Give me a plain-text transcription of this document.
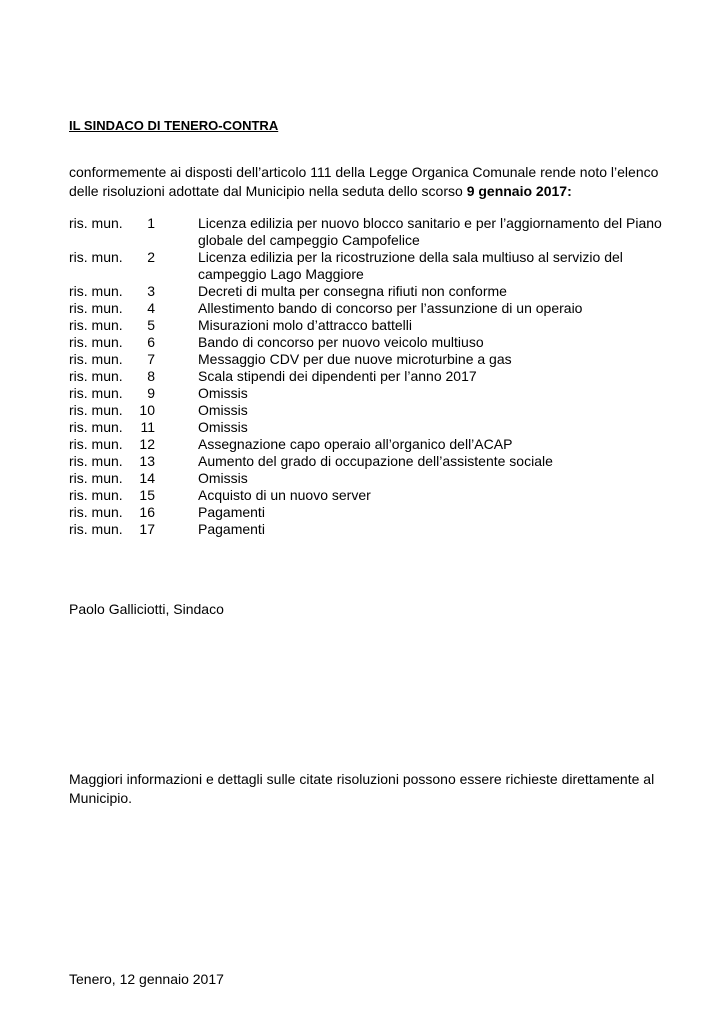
IL SINDACO DI TENERO-CONTRA
conformemente ai disposti dell’articolo 111 della Legge Organica Comunale rende noto l’elenco
delle risoluzioni adottate dal Municipio nella seduta dello scorso 9 gennaio 2017:
ris. mun.	1	Licenza edilizia per nuovo blocco sanitario e per l’aggiornamento del Piano
globale del campeggio Campofelice
ris. mun.	2	Licenza edilizia per la ricostruzione della sala multiuso al servizio del
campeggio Lago Maggiore
ris. mun.	3	Decreti di multa per consegna rifiuti non conforme
ris. mun.	4	Allestimento bando di concorso per l’assunzione di un operaio
ris. mun.	5	Misurazioni molo d’attracco battelli
ris. mun.	6	Bando di concorso per nuovo veicolo multiuso
ris. mun.	7	Messaggio CDV per due nuove microturbine a gas
ris. mun.	8	Scala stipendi dei dipendenti per l’anno 2017
ris. mun.	9	Omissis
ris. mun.	10	Omissis
ris. mun.	11	Omissis
ris. mun.	12	Assegnazione capo operaio all’organico dell’ACAP
ris. mun.	13	Aumento del grado di occupazione dell’assistente sociale
ris. mun.	14	Omissis
ris. mun.	15	Acquisto di un nuovo server
ris. mun.	16	Pagamenti
ris. mun.	17	Pagamenti
Paolo Galliciotti, Sindaco
Maggiori informazioni e dettagli sulle citate risoluzioni possono essere richieste direttamente al
Municipio.
Tenero, 12 gennaio 2017
